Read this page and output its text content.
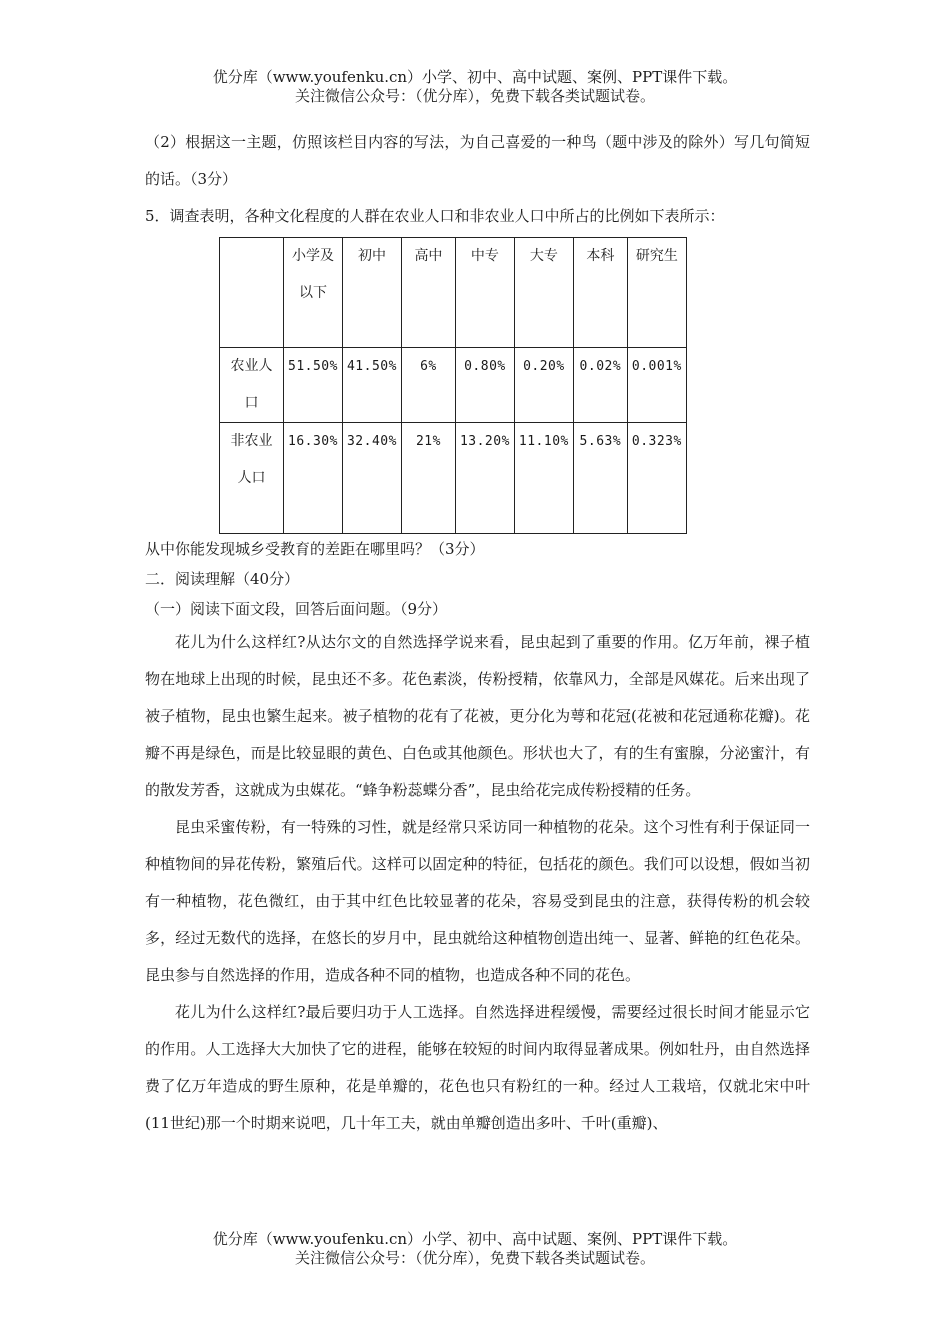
优分库（www.youfenku.cn）小学、初中、高中试题、案例、PPT课件下载。
关注微信公众号：（优分库），免费下载各类试题试卷。

（2）根据这一主题，仿照该栏目内容的写法，为自己喜爱的一种鸟（题中涉及的除外）写几句简短的话。（3分）

5．调查表明，各种文化程度的人群在农业人口和非农业人口中所占的比例如下表所示：

	小学及以下	初中	高中	中专	大专	本科	研究生
农业人口	51.50%	41.50%	6%	0.80%	0.20%	0.02%	0.001%
非农业人口	16.30%	32.40%	21%	13.20%	11.10%	5.63%	0.323%

从中你能发现城乡受教育的差距在哪里吗？（3分）

二．阅读理解（40分）

（一）阅读下面文段，回答后面问题。（9分）

花儿为什么这样红?从达尔文的自然选择学说来看，昆虫起到了重要的作用。亿万年前，裸子植物在地球上出现的时候，昆虫还不多。花色素淡，传粉授精，依靠风力，全部是风媒花。后来出现了被子植物，昆虫也繁生起来。被子植物的花有了花被，更分化为萼和花冠(花被和花冠通称花瓣)。花瓣不再是绿色，而是比较显眼的黄色、白色或其他颜色。形状也大了，有的生有蜜腺，分泌蜜汁，有的散发芳香，这就成为虫媒花。“蜂争粉蕊蝶分香”，昆虫给花完成传粉授精的任务。

昆虫采蜜传粉，有一特殊的习性，就是经常只采访同一种植物的花朵。这个习性有利于保证同一种植物间的异花传粉，繁殖后代。这样可以固定种的特征，包括花的颜色。我们可以设想，假如当初有一种植物，花色微红，由于其中红色比较显著的花朵，容易受到昆虫的注意，获得传粉的机会较多，经过无数代的选择，在悠长的岁月中，昆虫就给这种植物创造出纯一、显著、鲜艳的红色花朵。昆虫参与自然选择的作用，造成各种不同的植物，也造成各种不同的花色。

花儿为什么这样红?最后要归功于人工选择。自然选择进程缓慢，需要经过很长时间才能显示它的作用。人工选择大大加快了它的进程，能够在较短的时间内取得显著成果。例如牡丹，由自然选择费了亿万年造成的野生原种，花是单瓣的，花色也只有粉红的一种。经过人工栽培，仅就北宋中叶(11世纪)那一个时期来说吧，几十年工夫，就由单瓣创造出多叶、千叶(重瓣)、

优分库（www.youfenku.cn）小学、初中、高中试题、案例、PPT课件下载。
关注微信公众号：（优分库），免费下载各类试题试卷。
